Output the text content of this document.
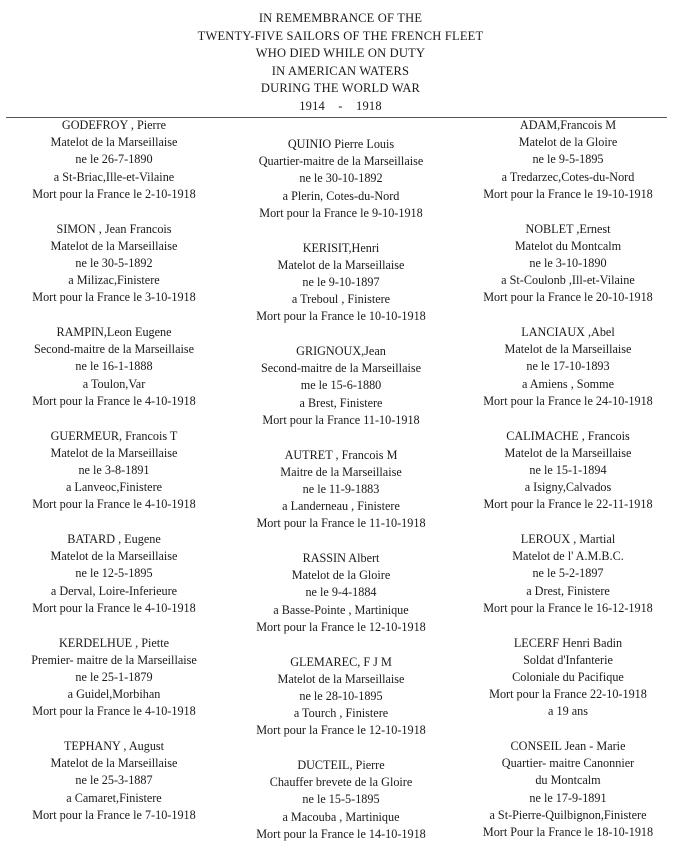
IN REMEMBRANCE OF THE
TWENTY-FIVE SAILORS OF THE FRENCH FLEET
WHO DIED WHILE ON DUTY
IN AMERICAN WATERS
DURING THE WORLD WAR
1914 - 1918
GODEFROY , Pierre
Matelot de la Marseillaise
ne le 26-7-1890
a St-Briac,Ille-et-Vilaine
Mort pour la France le 2-10-1918
SIMON , Jean Francois
Matelot de la Marseillaise
ne le 30-5-1892
a Milizac,Finistere
Mort pour la France le 3-10-1918
RAMPIN,Leon Eugene
Second-maitre de la Marseillaise
ne le 16-1-1888
a Toulon,Var
Mort pour la France le 4-10-1918
GUERMEUR, Francois T
Matelot de la Marseillaise
ne le 3-8-1891
a Lanveoc,Finistere
Mort pour la France le 4-10-1918
BATARD , Eugene
Matelot de la Marseillaise
ne le 12-5-1895
a Derval, Loire-Inferieure
Mort pour la France le 4-10-1918
KERDELHUE , Piette
Premier- maitre de la Marseillaise
ne le 25-1-1879
a Guidel,Morbihan
Mort pour la France le 4-10-1918
TEPHANY , August
Matelot de la Marseillaise
ne le 25-3-1887
a Camaret,Finistere
Mort pour la France le 7-10-1918
QUINIO Pierre Louis
Quartier-maitre de la Marseillaise
ne le 30-10-1892
a Plerin, Cotes-du-Nord
Mort pour la France le 9-10-1918
KERISIT,Henri
Matelot de la Marseillaise
ne le 9-10-1897
a Treboul , Finistere
Mort pour la France le 10-10-1918
GRIGNOUX,Jean
Second-maitre de la Marseillaise
me le 15-6-1880
a Brest, Finistere
Mort pour la France 11-10-1918
AUTRET , Francois M
Maitre de la Marseillaise
ne le 11-9-1883
a Landerneau , Finistere
Mort pour la France le 11-10-1918
RASSIN Albert
Matelot de la Gloire
ne le 9-4-1884
a Basse-Pointe , Martinique
Mort pour la France le 12-10-1918
GLEMAREC, F J M
Matelot de la Marseillaise
ne le 28-10-1895
a Tourch , Finistere
Mort pour la France le 12-10-1918
DUCTEIL, Pierre
Chauffer brevete de la Gloire
ne le 15-5-1895
a Macouba , Martinique
Mort pour la France le 14-10-1918
ADAM,Francois M
Matelot de la Gloire
ne le 9-5-1895
a Tredarzec,Cotes-du-Nord
Mort pour la France le 19-10-1918
NOBLET ,Ernest
Matelot du Montcalm
ne le 3-10-1890
a St-Coulonb ,Ill-et-Vilaine
Mort pour la France le 20-10-1918
LANCIAUX ,Abel
Matelot de la Marseillaise
ne le 17-10-1893
a Amiens , Somme
Mort pour la France le 24-10-1918
CALIMACHE , Francois
Matelot de la Marseillaise
ne le 15-1-1894
a Isigny,Calvados
Mort pour la France le 22-11-1918
LEROUX , Martial
Matelot de l' A.M.B.C.
ne le 5-2-1897
a Drest, Finistere
Mort pour la France le 16-12-1918
LECERF Henri Badin
Soldat d'Infanterie
Coloniale du Pacifique
Mort pour la France 22-10-1918
a 19 ans
CONSEIL Jean - Marie
Quartier- maitre Canonnier
du Montcalm
ne le 17-9-1891
a St-Pierre-Quilbignon,Finistere
Mort Pour la France le 18-10-1918
